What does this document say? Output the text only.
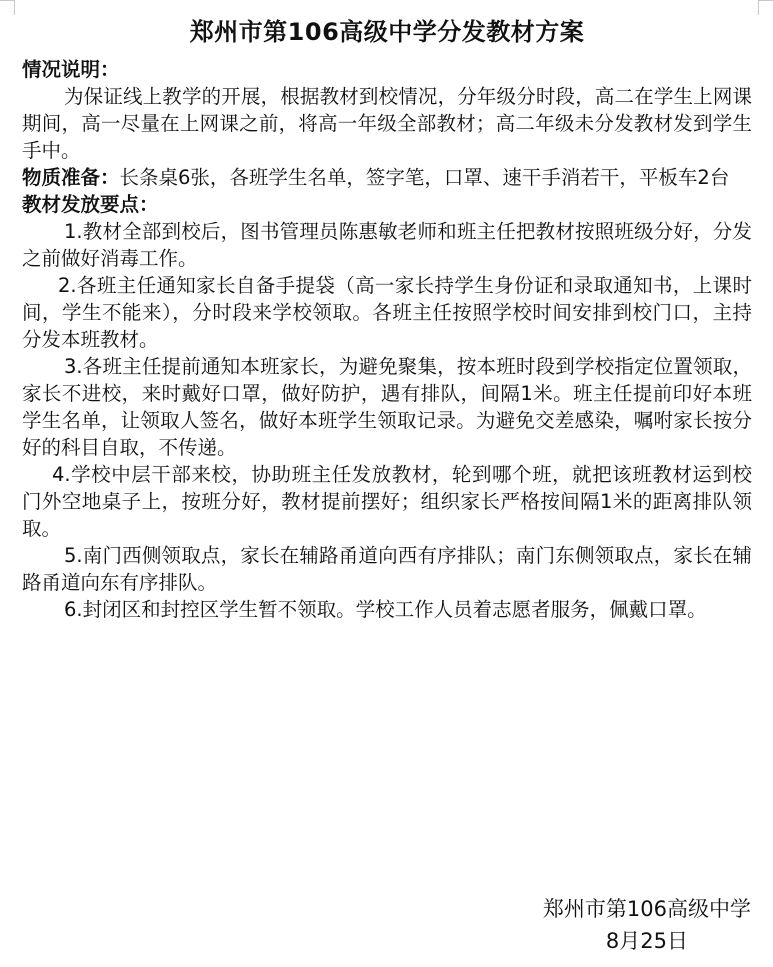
郑州市第106高级中学分发教材方案
情况说明：

为保证线上教学的开展，根据教材到校情况，分年级分时段，高二在学生上网课期间，高一尽量在上网课之前，将高一年级全部教材；高二年级未分发教材发到学生手中。

物质准备：长条桌6张，各班学生名单，签字笔，口罩、速干手消若干，平板车2台

教材发放要点：

1.教材全部到校后，图书管理员陈惠敏老师和班主任把教材按照班级分好，分发之前做好消毒工作。

2.各班主任通知家长自备手提袋（高一家长持学生身份证和录取通知书，上课时间，学生不能来），分时段来学校领取。各班主任按照学校时间安排到校门口，主持分发本班教材。

3.各班主任提前通知本班家长，为避免聚集，按本班时段到学校指定位置领取，家长不进校，来时戴好口罩，做好防护，遇有排队，间隔1米。班主任提前印好本班学生名单，让领取人签名，做好本班学生领取记录。为避免交差感染，嘱咐家长按分好的科目自取，不传递。

4.学校中层干部来校，协助班主任发放教材，轮到哪个班，就把该班教材运到校门外空地桌子上，按班分好，教材提前摆好；组织家长严格按间隔1米的距离排队领取。

5.南门西侧领取点，家长在辅路甬道向西有序排队；南门东侧领取点，家长在辅路甬道向东有序排队。

6.封闭区和封控区学生暂不领取。学校工作人员着志愿者服务，佩戴口罩。

郑州市第106高级中学
8月25日
